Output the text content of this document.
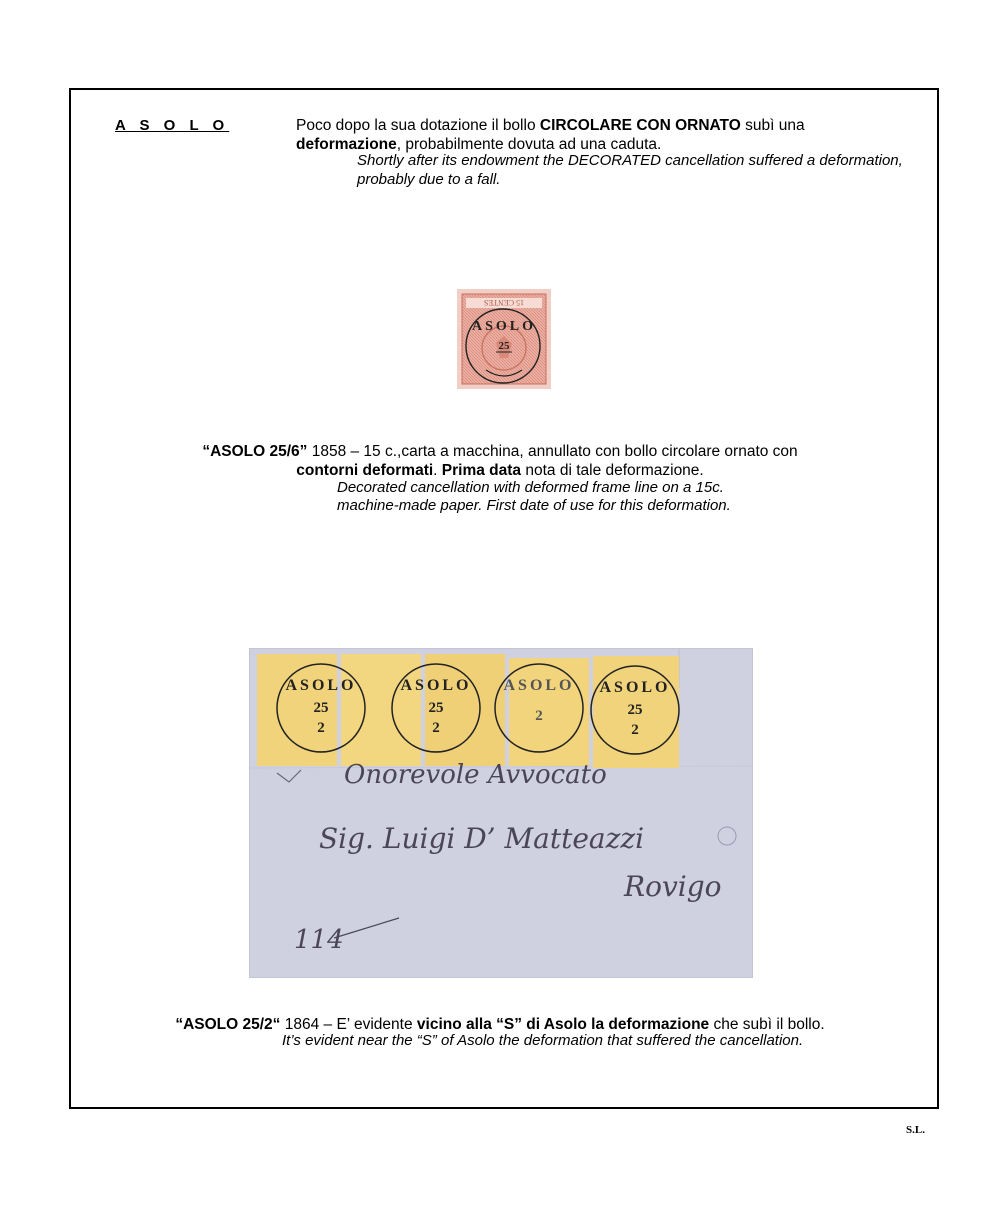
A S O L O	Poco dopo la sua dotazione il bollo CIRCOLARE CON ORNATO subì una deformazione, probabilmente dovuta ad una caduta.
Shortly after its endowment the DECORATED cancellation suffered a deformation,
probably due to a fall.
15 CENTES
ASOLO
25
“ASOLO 25/6” 1858 – 15 c.,carta a macchina, annullato con bollo circolare ornato con contorni deformati. Prima data nota di tale deformazione.
Decorated cancellation with deformed frame line on a 15c.
machine-made paper. First date of use for this deformation.
ASOLO	ASOLO ASOLO ASOLO
25
2
25
2
2	25
2
Onorevole Avvocato
Sig. Luigi D’ Matteazzi
Rovigo
114
“ASOLO 25/2“ 1864 – E’ evidente vicino alla “S” di Asolo la deformazione che subì il bollo.
It’s evident near the “S” of Asolo the deformation that suffered the cancellation.
S.L.
